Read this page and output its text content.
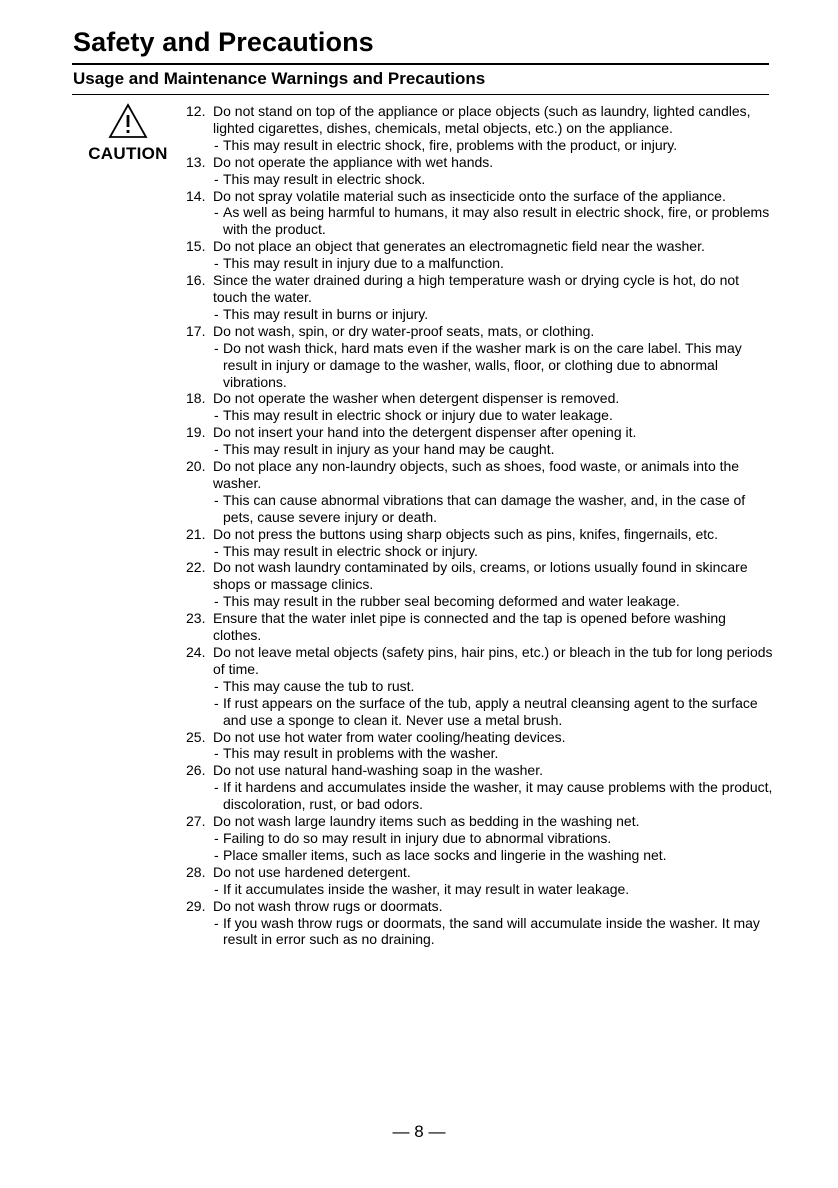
Safety and Precautions
Usage and Maintenance Warnings and Precautions
CAUTION
12. Do not stand on top of the appliance or place objects (such as laundry, lighted candles, lighted cigarettes, dishes, chemicals, metal objects, etc.) on the appliance.
- This may result in electric shock, fire, problems with the product, or injury.
13. Do not operate the appliance with wet hands.
- This may result in electric shock.
14. Do not spray volatile material such as insecticide onto the surface of the appliance.
- As well as being harmful to humans, it may also result in electric shock, fire, or problems with the product.
15. Do not place an object that generates an electromagnetic field near the washer.
- This may result in injury due to a malfunction.
16. Since the water drained during a high temperature wash or drying cycle is hot, do not touch the water.
- This may result in burns or injury.
17. Do not wash, spin, or dry water-proof seats, mats, or clothing.
- Do not wash thick, hard mats even if the washer mark is on the care label. This may result in injury or damage to the washer, walls, floor, or clothing due to abnormal vibrations.
18. Do not operate the washer when detergent dispenser is removed.
- This may result in electric shock or injury due to water leakage.
19. Do not insert your hand into the detergent dispenser after opening it.
- This may result in injury as your hand may be caught.
20. Do not place any non-laundry objects, such as shoes, food waste, or animals into the washer.
- This can cause abnormal vibrations that can damage the washer, and, in the case of pets, cause severe injury or death.
21. Do not press the buttons using sharp objects such as pins, knifes, fingernails, etc.
- This may result in electric shock or injury.
22. Do not wash laundry contaminated by oils, creams, or lotions usually found in skincare shops or massage clinics.
- This may result in the rubber seal becoming deformed and water leakage.
23. Ensure that the water inlet pipe is connected and the tap is opened before washing clothes.
24. Do not leave metal objects (safety pins, hair pins, etc.) or bleach in the tub for long periods of time.
- This may cause the tub to rust.
- If rust appears on the surface of the tub, apply a neutral cleansing agent to the surface and use a sponge to clean it. Never use a metal brush.
25. Do not use hot water from water cooling/heating devices.
- This may result in problems with the washer.
26. Do not use natural hand-washing soap in the washer.
- If it hardens and accumulates inside the washer, it may cause problems with the product, discoloration, rust, or bad odors.
27. Do not wash large laundry items such as bedding in the washing net.
- Failing to do so may result in injury due to abnormal vibrations.
- Place smaller items, such as lace socks and lingerie in the washing net.
28. Do not use hardened detergent.
- If it accumulates inside the washer, it may result in water leakage.
29. Do not wash throw rugs or doormats.
- If you wash throw rugs or doormats, the sand will accumulate inside the washer. It may result in error such as no draining.
— 8 —
